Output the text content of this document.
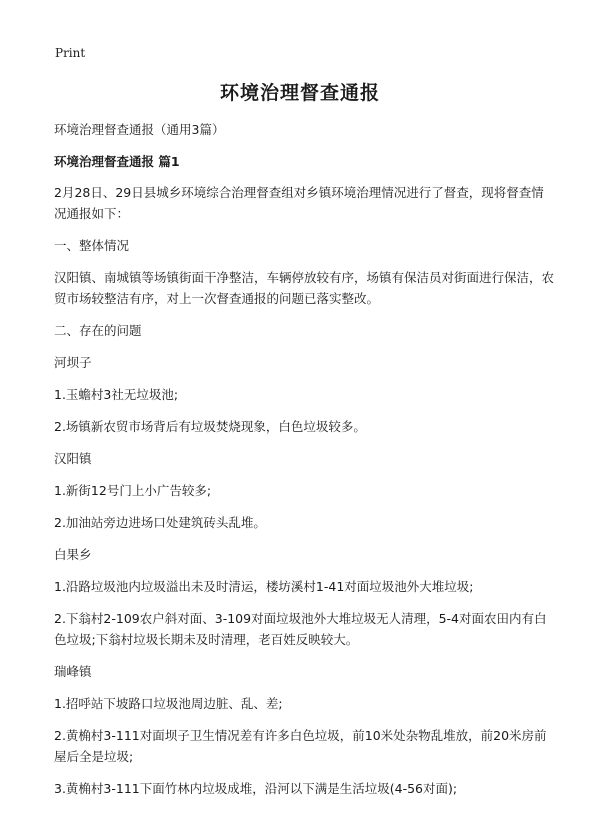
Print
环境治理督查通报

环境治理督查通报（通用3篇）

环境治理督查通报 篇1

2月28日、29日县城乡环境综合治理督查组对乡镇环境治理情况进行了督查，现将督查情况通报如下：

一、整体情况

汉阳镇、南城镇等场镇街面干净整洁，车辆停放较有序，场镇有保洁员对街面进行保洁，农贸市场较整洁有序，对上一次督查通报的问题已落实整改。

二、存在的问题

河坝子

1.玉蟾村3社无垃圾池;

2.场镇新农贸市场背后有垃圾焚烧现象，白色垃圾较多。

汉阳镇

1.新街12号门上小广告较多;

2.加油站旁边进场口处建筑砖头乱堆。

白果乡

1.沿路垃圾池内垃圾溢出未及时清运，楼坊溪村1-41对面垃圾池外大堆垃圾;

2.下翁村2-109农户斜对面、3-109对面垃圾池外大堆垃圾无人清理，5-4对面农田内有白色垃圾;下翁村垃圾长期未及时清理，老百姓反映较大。

瑞峰镇

1.招呼站下坡路口垃圾池周边脏、乱、差;

2.黄桷村3-111对面坝子卫生情况差有许多白色垃圾，前10米处杂物乱堆放，前20米房前屋后全是垃圾;

3.黄桷村3-111下面竹林内垃圾成堆，沿河以下满是生活垃圾(4-56对面);
